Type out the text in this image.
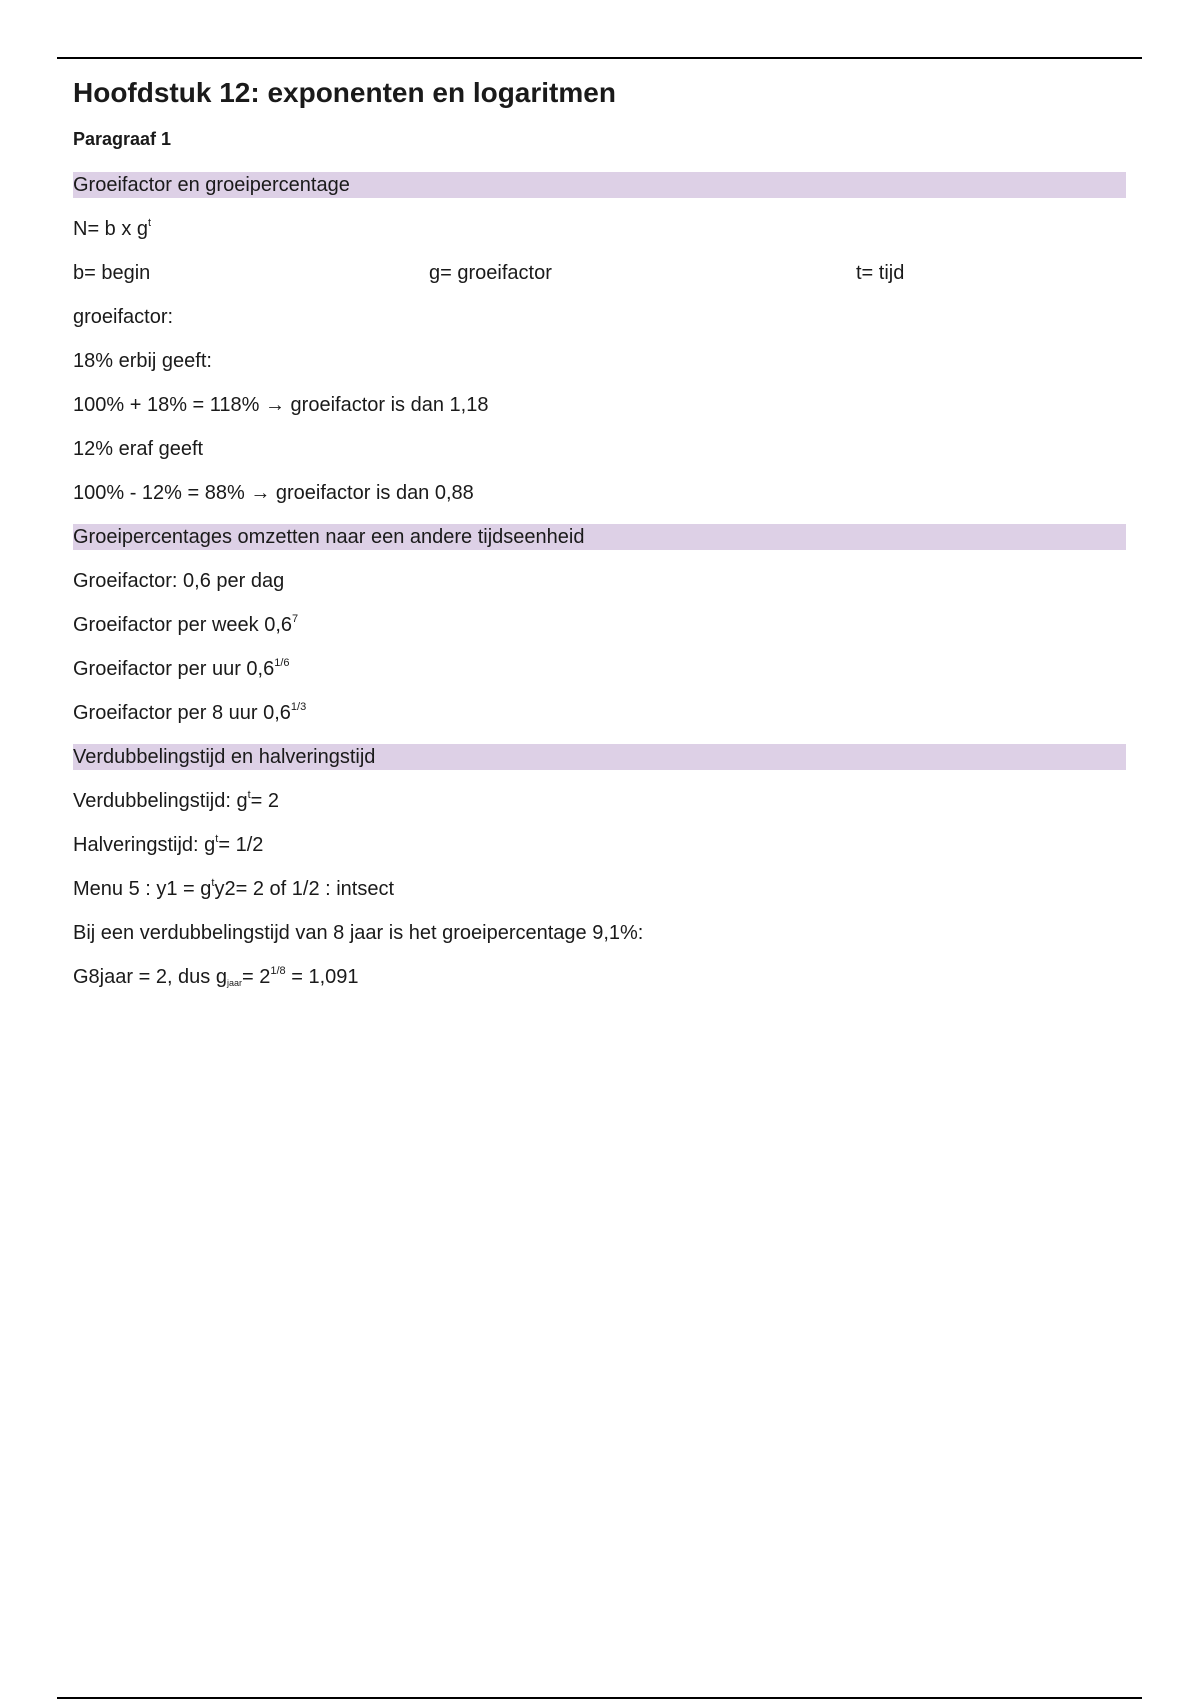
Hoofdstuk 12: exponenten en logaritmen
Paragraaf 1
Groeifactor en groeipercentage
N= b x $g^t$
b= begin	g= groeifactor	t= tijd
groeifactor:
18% erbij geeft:
100% + 18% = 118% → groeifactor is dan 1,18
12% eraf geeft
100% - 12% = 88% → groeifactor is dan 0,88
Groeipercentages omzetten naar een andere tijdseenheid
Groeifactor: 0,6 per dag
Groeifactor per week $0,6^7$
Groeifactor per uur $0,6^{1/6}$
Groeifactor per 8 uur $0,6^{1/3}$
Verdubbelingstijd en halveringstijd
Verdubbelingstijd: $g^t= 2$
Halveringstijd: $g^t= 1/2$
Menu 5 : $y1 = g^ty2= 2$ of 1/2 : intsect
Bij een verdubbelingstijd van 8 jaar is het groeipercentage 9,1%:
G8jaar = 2, dus $g_{jaar}= 2^{1/8} = 1,091$
